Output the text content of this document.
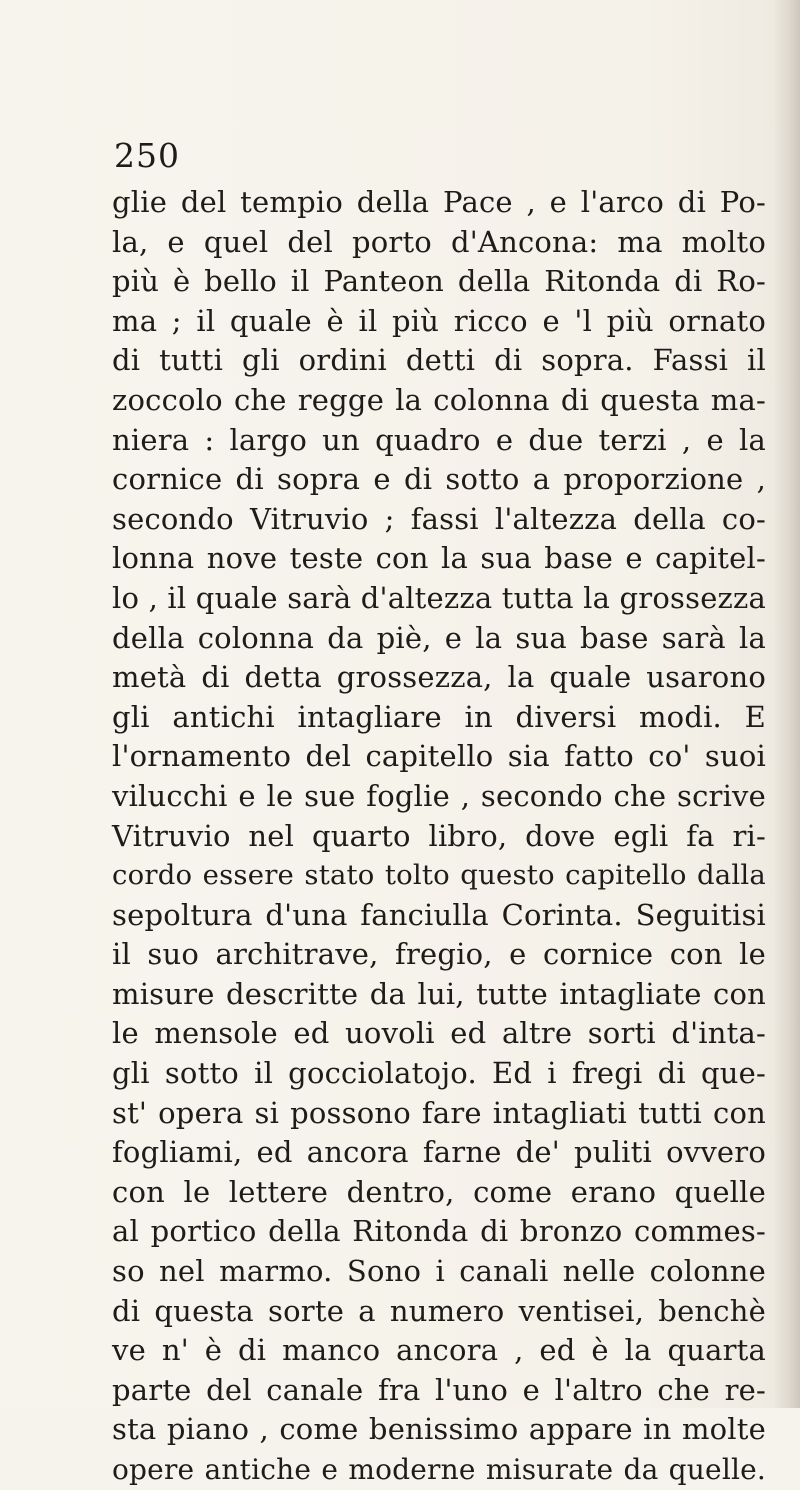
250
glie del tempio della Pace , e l'arco di Po-
la, e quel del porto d'Ancona: ma molto
più è bello il Panteon della Ritonda di Ro-
ma ; il quale è il più ricco e 'l più ornato
di tutti gli ordini detti di sopra. Fassi il
zoccolo che regge la colonna di questa ma-
niera : largo un quadro e due terzi , e la
cornice di sopra e di sotto a proporzione ,
secondo Vitruvio ; fassi l'altezza della co-
lonna nove teste con la sua base e capitel-
lo , il quale sarà d'altezza tutta la grossezza
della colonna da piè, e la sua base sarà la
metà di detta grossezza, la quale usarono
gli antichi intagliare in diversi modi. E
l'ornamento del capitello sia fatto co' suoi
vilucchi e le sue foglie , secondo che scrive
Vitruvio nel quarto libro, dove egli fa ri-
cordo essere stato tolto questo capitello dalla
sepoltura d'una fanciulla Corinta. Seguitisi
il suo architrave, fregio, e cornice con le
misure descritte da lui, tutte intagliate con
le mensole ed uovoli ed altre sorti d'inta-
gli sotto il gocciolatojo. Ed i fregi di que-
st' opera si possono fare intagliati tutti con
fogliami, ed ancora farne de' puliti ovvero
con le lettere dentro, come erano quelle
al portico della Ritonda di bronzo commes-
so nel marmo. Sono i canali nelle colonne
di questa sorte a numero ventisei, benchè
ve n' è di manco ancora , ed è la quarta
parte del canale fra l'uno e l'altro che re-
sta piano , come benissimo appare in molte
opere antiche e moderne misurate da quelle.
